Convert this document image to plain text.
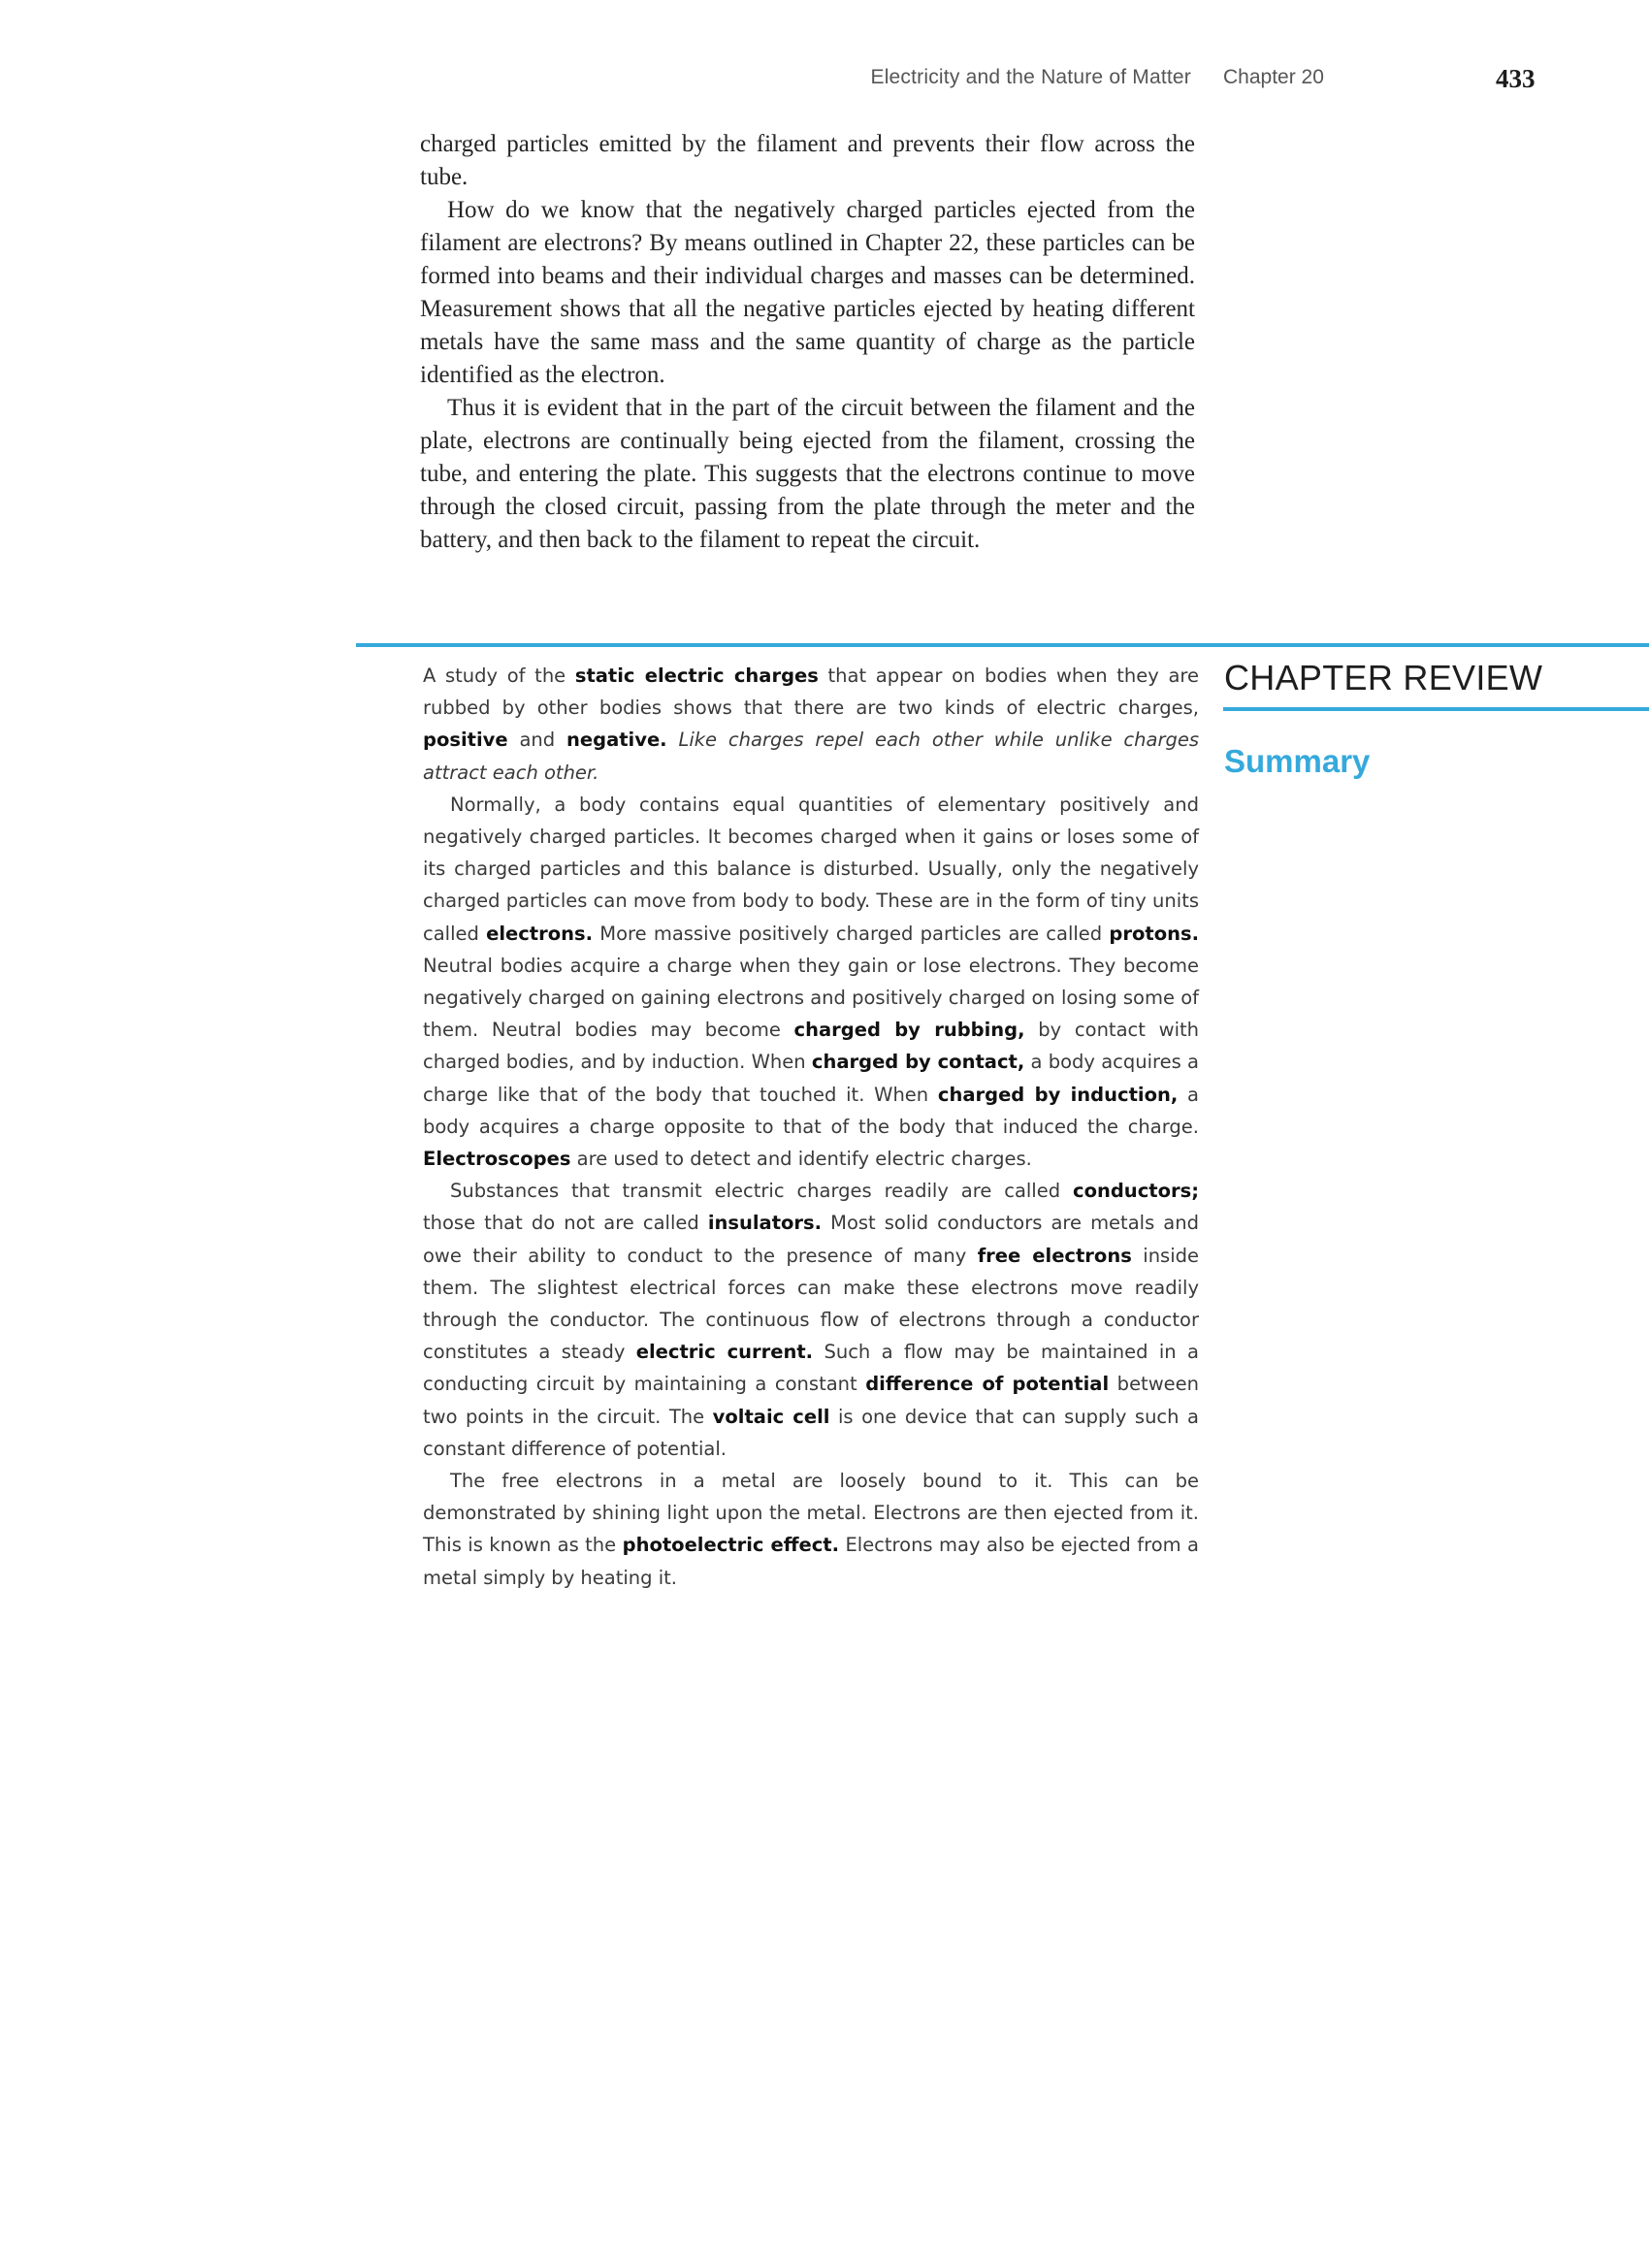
Electricity and the Nature of Matter Chapter 20	433

charged particles emitted by the filament and prevents their flow across the tube.

How do we know that the negatively charged particles ejected from the filament are electrons? By means outlined in Chapter 22, these particles can be formed into beams and their individual charges and masses can be determined. Measurement shows that all the negative particles ejected by heating different metals have the same mass and the same quantity of charge as the particle identified as the electron.

Thus it is evident that in the part of the circuit between the filament and the plate, electrons are continually being ejected from the filament, crossing the tube, and entering the plate. This suggests that the electrons continue to move through the closed circuit, passing from the plate through the meter and the battery, and then back to the filament to repeat the circuit.

CHAPTER REVIEW
Summary

A study of the static electric charges that appear on bodies when they are rubbed by other bodies shows that there are two kinds of electric charges, positive and negative. Like charges repel each other while unlike charges attract each other.

Normally, a body contains equal quantities of elementary positively and negatively charged particles. It becomes charged when it gains or loses some of its charged particles and this balance is disturbed. Usually, only the negatively charged particles can move from body to body. These are in the form of tiny units called electrons. More massive positively charged particles are called protons. Neutral bodies acquire a charge when they gain or lose electrons. They become negatively charged on gaining electrons and positively charged on losing some of them. Neutral bodies may become charged by rubbing, by contact with charged bodies, and by induction. When charged by contact, a body acquires a charge like that of the body that touched it. When charged by induction, a body acquires a charge opposite to that of the body that induced the charge. Electroscopes are used to detect and identify electric charges.

Substances that transmit electric charges readily are called conductors; those that do not are called insulators. Most solid conductors are metals and owe their ability to conduct to the presence of many free electrons inside them. The slightest electrical forces can make these electrons move readily through the conductor. The continuous flow of electrons through a conductor constitutes a steady electric current. Such a flow may be maintained in a conducting circuit by maintaining a constant difference of potential between two points in the circuit. The voltaic cell is one device that can supply such a constant difference of potential.

The free electrons in a metal are loosely bound to it. This can be demonstrated by shining light upon the metal. Electrons are then ejected from it. This is known as the photoelectric effect. Electrons may also be ejected from a metal simply by heating it.
